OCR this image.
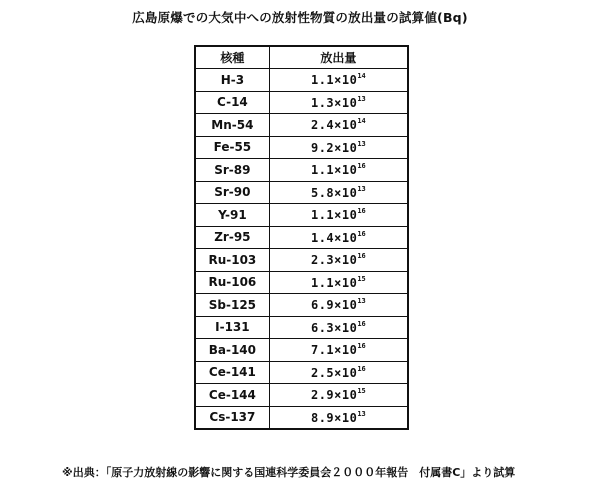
広島原爆での大気中への放射性物質の放出量の試算値(Bq)
核種	放出量
H-3	$1.1\times 10^{14}$
C-14	$1.3\times 10^{13}$
Mn-54	$2.4\times 10^{14}$
Fe-55	$9.2\times 10^{13}$
Sr-89	$1.1\times 10^{16}$
Sr-90	$5.8\times 10^{13}$
Y-91	$1.1\times 10^{16}$
Zr-95	$1.4\times 10^{16}$
Ru-103	$2.3\times 10^{16}$
Ru-106	$1.1\times 10^{15}$
Sb-125	$6.9\times 10^{13}$
I-131	$6.3\times 10^{16}$
Ba-140	$7.1\times 10^{16}$
Ce-141	$2.5\times 10^{16}$
Ce-144	$2.9\times 10^{15}$
Cs-137	$8.9\times 10^{13}$
※出典：「原子力放射線の影響に関する国連科学委員会２０００年報告　付属書C」より試算
